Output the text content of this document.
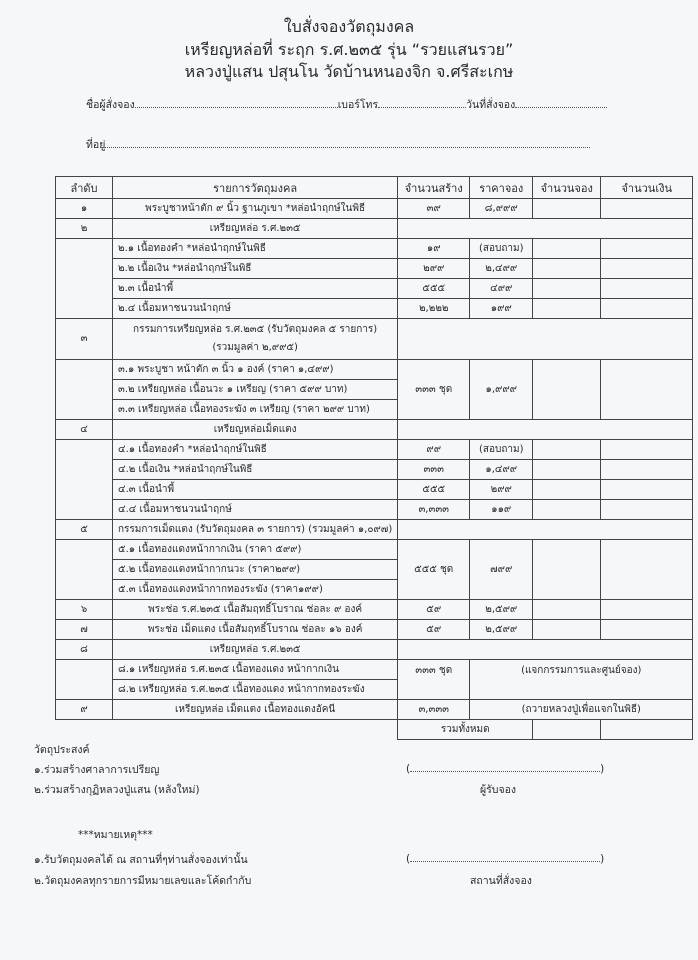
ใบสั่งจองวัตถุมงคล
เหรียญหล่อที่ ระฤก ร.ศ.๒๓๕ รุ่น “รวยแสนรวย”
หลวงปู่แสน ปสุนโน วัดบ้านหนองจิก จ.ศรีสะเกษ
ชื่อผู้สั่งจอง	เบอร์โทร	วันที่สั่งจอง
ที่อยู่
ลำดับ	รายการวัตถุมงคล	จำนวนสร้าง	ราคาจอง	จำนวนจอง	จำนวนเงิน
๑	พระบูชาหน้าตัก ๙ นิ้ว ฐานภูเขา *หล่อนำฤกษ์ในพิธี	๓๙	๘,๙๙๙		
๒	เหรียญหล่อ ร.ศ.๒๓๕				
	๒.๑ เนื้อทองคำ *หล่อนำฤกษ์ในพิธี	๑๙	(สอบถาม)		
	๒.๒ เนื้อเงิน *หล่อนำฤกษ์ในพิธี	๒๙๙	๒,๔๙๙		
	๒.๓ เนื้อนำพี้	๕๕๕	๔๙๙		
	๒.๔ เนื้อมหาชนวนนำฤกษ์	๒,๒๒๒	๑๙๙		
๓	กรรมการเหรียญหล่อ ร.ศ.๒๓๕ (รับวัตถุมงคล ๕ รายการ)
(รวมมูลค่า ๒,๙๙๕)				

	๓.๑ พระบูชา หน้าตัก ๓ นิ้ว ๑ องค์ (ราคา ๑,๔๙๙)	๓๓๓ ชุด	๑,๙๙๙		
	๓.๒ เหรียญหล่อ เนื้อนวะ ๑ เหรียญ (ราคา ๕๙๙ บาท)				
	๓.๓ เหรียญหล่อ เนื้อทองระฆัง ๓ เหรียญ (ราคา ๒๙๙ บาท)				
๔	เหรียญหล่อเม็ดแตง				
	๔.๑ เนื้อทองคำ *หล่อนำฤกษ์ในพิธี	๙๙	(สอบถาม)		
	๔.๒ เนื้อเงิน *หล่อนำฤกษ์ในพิธี	๓๓๓	๑,๔๙๙		
	๔.๓ เนื้อนำพี้	๕๕๕	๒๙๙		
	๔.๔ เนื้อมหาชนวนนำฤกษ์	๓,๓๓๓	๑๑๙		
๕	กรรมการเม็ดแตง (รับวัตถุมงคล ๓ รายการ) (รวมมูลค่า ๑,๐๙๗)				
	๕.๑ เนื้อทองแดงหน้ากากเงิน (ราคา ๕๙๙)	๕๕๕ ชุด	๗๙๙		
	๕.๒ เนื้อทองแดงหน้ากากนวะ (ราคา๒๙๙)				
	๕.๓ เนื้อทองแดงหน้ากากทองระฆัง (ราคา๑๙๙)				
๖	พระช่อ ร.ศ.๒๓๕ เนื้อสัมฤทธิ์โบราณ ช่อละ ๙ องค์	๕๙	๒,๕๙๙		
๗	พระช่อ เม็ดแตง เนื้อสัมฤทธิ์โบราณ ช่อละ ๑๖ องค์	๕๙	๒,๕๙๙		
๘	เหรียญหล่อ ร.ศ.๒๓๕				
	๘.๑ เหรียญหล่อ ร.ศ.๒๓๕ เนื้อทองแดง หน้ากากเงิน	๓๓๓ ชุด	(แจกกรรมการและศูนย์จอง)		
	๘.๒ เหรียญหล่อ ร.ศ.๒๓๕ เนื้อทองแดง หน้ากากทองระฆัง				
๙	เหรียญหล่อ เม็ดแตง เนื้อทองแดงอัคนี	๓,๓๓๓	(ถวายหลวงปู่เพื่อแจกในพิธี)		
		รวมทั้งหมด			
วัตถุประสงค์
๑.ร่วมสร้างศาลาการเปรียญ
๒.ร่วมสร้างกุฏิหลวงปู่แสน (หลังใหม่)
(	)
ผู้รับจอง
***หมายเหตุ***
๑.รับวัตถุมงคลได้ ณ สถานที่ๆท่านสั่งจองเท่านั้น
๒.วัตถุมงคลทุกรายการมีหมายเลขและโค้ดกำกับ
(	)
สถานที่สั่งจอง
